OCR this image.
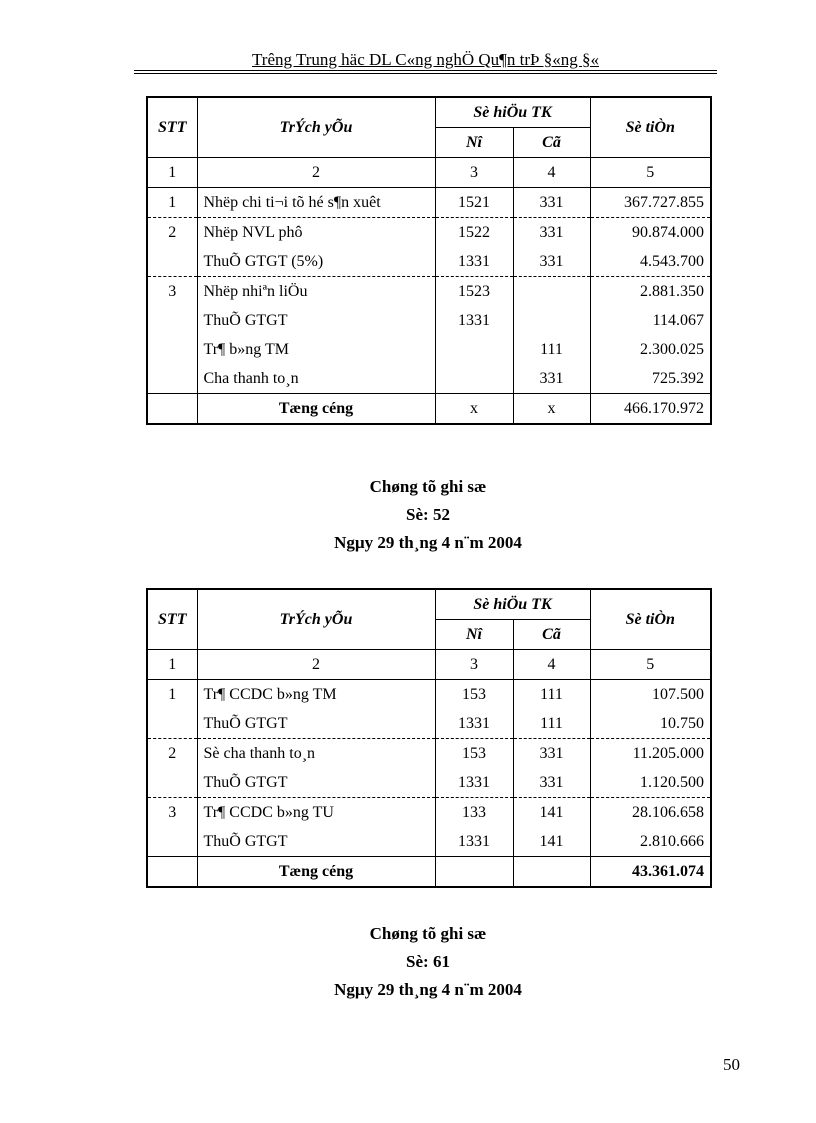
Trêng Trung häc DL C«ng nghÖ Qu¶n trÞ §«ng §«
STT	TrÝch yÕu	Sè hiÖu TK		Sè tiÒn
		Nî	Cã	
1	2	3	4	5
1	Nhëp chi ti¬i tõ hé s¶n xuêt	1521	331	367.727.855
2	Nhëp NVL phô	1522	331	90.874.000
	ThuÕ GTGT (5%)	1331	331	4.543.700
3	Nhëp nhiªn liÖu	1523		2.881.350
	ThuÕ GTGT	1331		114.067
	Tr¶ b»ng TM		111	2.300.025
	Cha thanh to¸n		331	725.392
	Tæng céng	x	x	466.170.972
Chøng tõ ghi sæ
Sè: 52
Ngµy 29 th¸ng 4 n¨m 2004
STT	TrÝch yÕu	Sè hiÖu TK		Sè tiÒn
		Nî	Cã	
1	2	3	4	5
1	Tr¶ CCDC b»ng TM	153	111	107.500
	ThuÕ GTGT	1331	111	10.750
2	Sè cha thanh to¸n	153	331	11.205.000
	ThuÕ GTGT	1331	331	1.120.500
3	Tr¶ CCDC b»ng TU	133	141	28.106.658
	ThuÕ GTGT	1331	141	2.810.666
	Tæng céng			43.361.074
Chøng tõ ghi sæ
Sè: 61
Ngµy 29 th¸ng 4 n¨m 2004
50
